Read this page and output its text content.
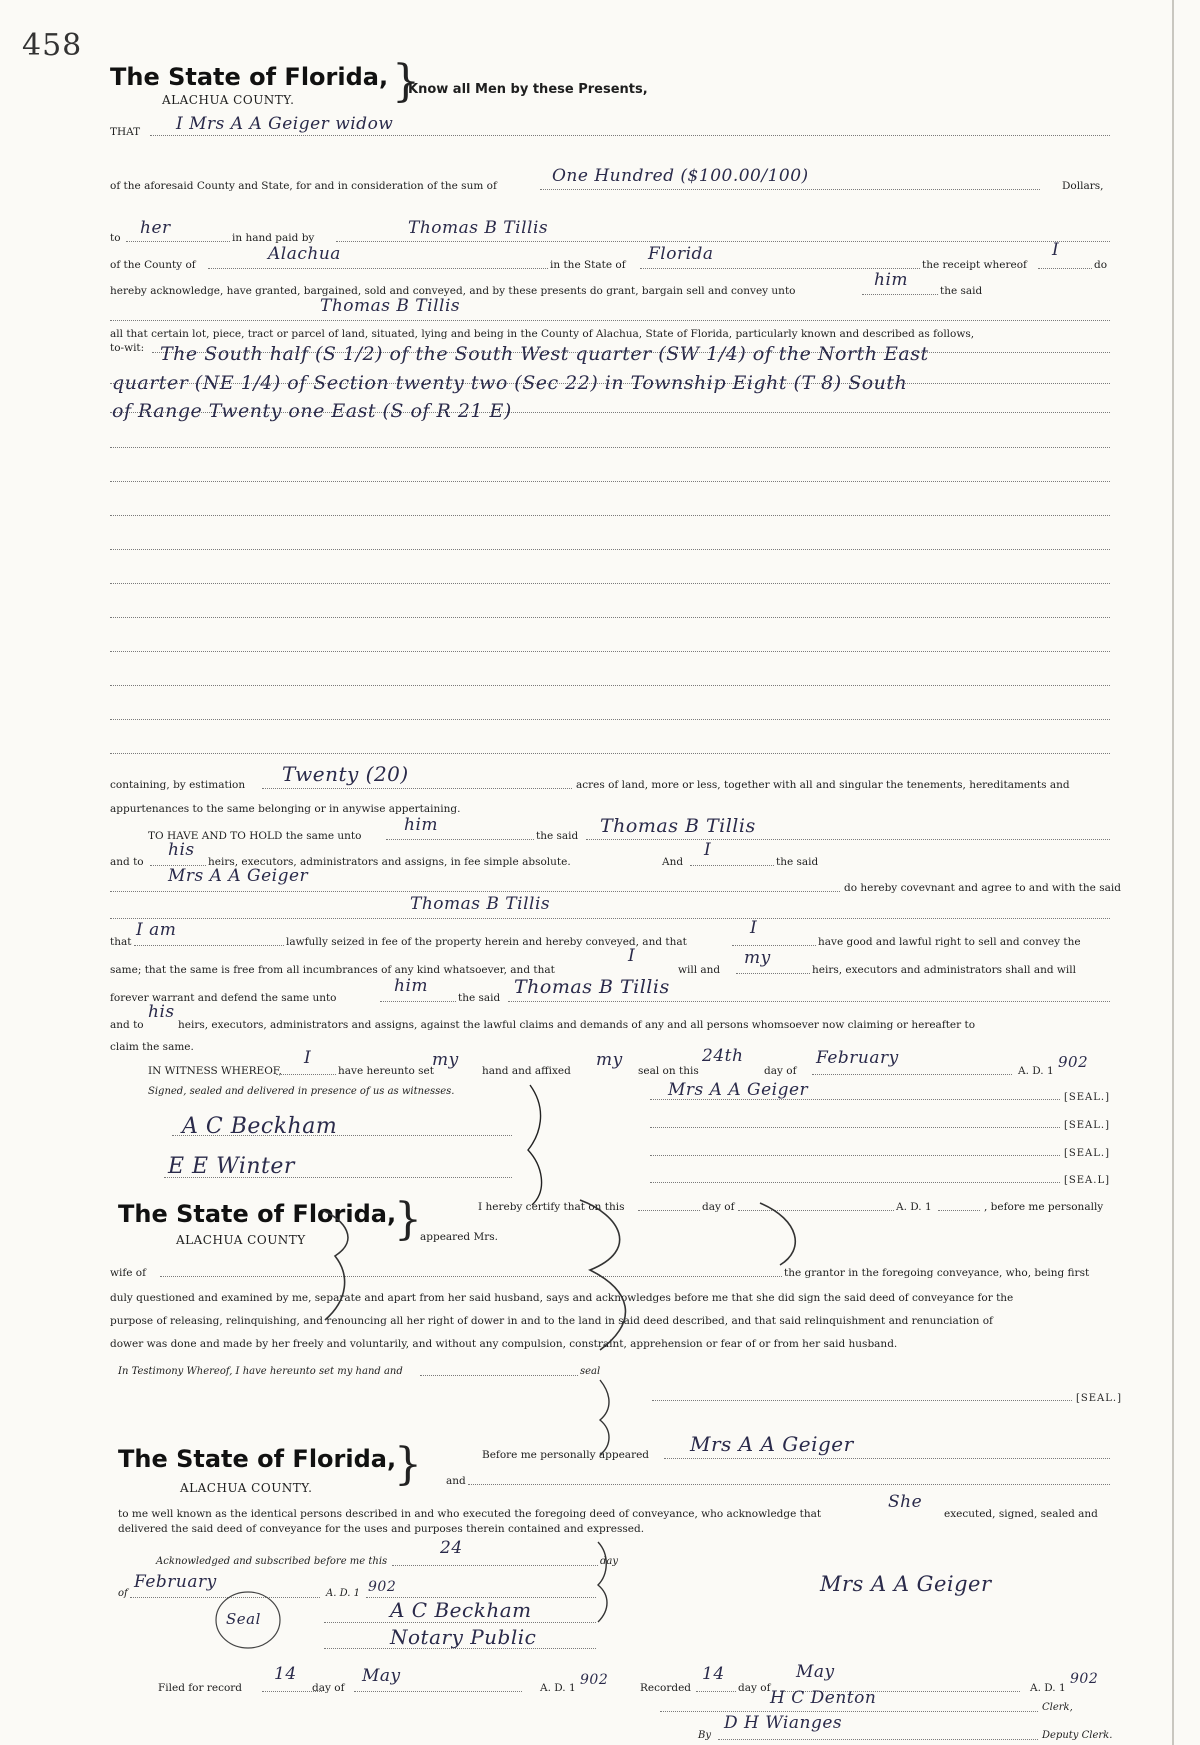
458
The State of Florida, }
Know all Men by these Presents,
ALACHUA COUNTY.
THAT I Mrs A A Geiger widow
of the aforesaid County and State, for and in consideration of the sum of	One Hundred ($100.00/100)	Dollars,
to her	in hand paid by	Thomas B Tillis
of the County of
Alachua
in the State of
Florida
the receipt whereof
I
do
hereby acknowledge, have granted, bargained, sold and conveyed, and by these presents do grant, bargain sell and convey unto
him
the said
Thomas B Tillis
all that certain lot, piece, tract or parcel of land, situated, lying and being in the County of Alachua, State of Florida, particularly known and described as follows,
to-wit: The South half (S 1/2) of the South West quarter (SW 1/4) of the North East
quarter (NE 1/4) of Section twenty two (Sec 22) in Township Eight (T 8) South
of Range Twenty one East (S of R 21 E)
containing, by estimation Twenty (20)	acres of land, more or less, together with all and singular the tenements, hereditaments and
appurtenances to the same belonging or in anywise appertaining.
TO HAVE AND TO HOLD the same unto
him
the said Thomas B Tillis
and to
his
heirs, executors, administrators and assigns, in fee simple absolute.	And
I
the said
Mrs A A Geiger
do hereby covevnant and agree to and with the said
Thomas B Tillis
that
I am
lawfully seized in fee of the property herein and hereby conveyed, and that
I
have good and lawful right to sell and convey the
same; that the same is free from all incumbrances of any kind whatsoever, and that
I
will and
my
heirs, executors and administrators shall and will
forever warrant and defend the same unto
him
the said Thomas B Tillis
and to
his
heirs, executors, administrators and assigns, against the lawful claims and demands of any and all persons whomsoever now claiming or hereafter to
claim the same.
IN WITNESS WHEREOF,
I
have hereunto set
my
hand and affixed
my
seal on this
24th
day of
February
A. D. 1 902
Signed, sealed and delivered in presence of us as witnesses.	Mrs A A Geiger	[SEAL.]
[SEAL.]
[SEAL.]
[SEA.L]
A C Beckham
E E Winter
The State of Florida,
}
ALACHUA COUNTY
I hereby certify that on this	day of	A. D. 1	, before me personally
appeared Mrs.
wife of	the grantor in the foregoing conveyance, who, being first
duly questioned and examined by me, separate and apart from her said husband, says and acknowledges before me that she did sign the said deed of conveyance for the
purpose of releasing, relinquishing, and renouncing all her right of dower in and to the land in said deed described, and that said relinquishment and renunciation of
dower was done and made by her freely and voluntarily, and without any compulsion, constraint, apprehension or fear of or from her said husband.
In Testimony Whereof, I have hereunto set my hand and	seal
[SEAL.]
The State of Florida,
}
ALACHUA COUNTY.
Before me personally appeared Mrs A A Geiger
and
to me well known as the identical persons described in and who executed the foregoing deed of conveyance, who acknowledge that
She
executed, signed, sealed and
delivered the said deed of conveyance for the uses and purposes therein contained and expressed.
Acknowledged and subscribed before me this
24
day
of
February
A. D. 1 902
A C Beckham
Notary Public
Seal
Mrs A A Geiger
Filed for record
14
day of
May
A. D. 1 902	Recorded
14
day of
May
A. D. 1
902
H C Denton	Clerk,
By
D H Wianges
Deputy Clerk.
